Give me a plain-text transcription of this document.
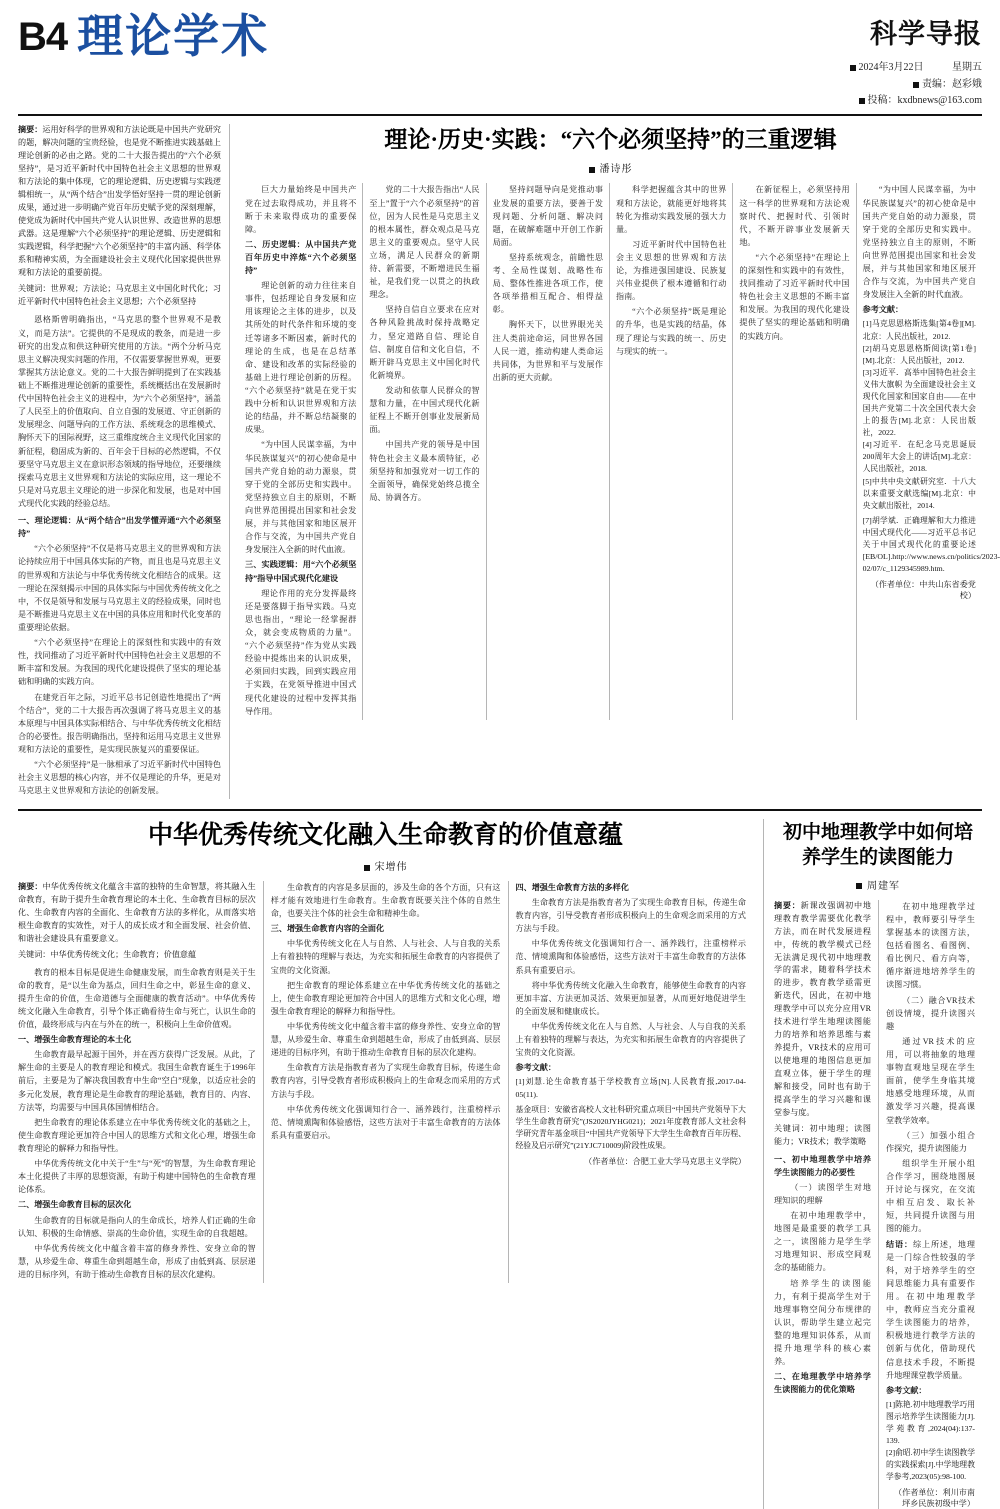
B4 理论学术	科学导报
2024年3月22日	星期五
责编：赵彩娥
投稿：kxdbnews@163.com
摘要：运用好科学的世界观和方法论既是中国共产党研究的题，解决问题的宝贵经验，也是党不断推进实践基础上理论创新的必由之路。党的二十大报告提出的“六个必须坚持”，是习近平新时代中国特色社会主义思想的世界观和方法论的集中体现，它的理论逻辑、历史逻辑与实践逻辑相统一，从“两个结合”出发学悟好坚持一贯的理论创新成果，通过进一步明确产党百年历史赋予党的深刻理解，使党成为新时代中国共产党人认识世界、改造世界的思想武器。这是理解“六个必须坚持”的理论逻辑、历史逻辑和实践逻辑，科学把握“六个必须坚持”的丰富内涵、科学体系和精神实质，为全面建设社会主义现代化国家提供世界观和方法论的重要前提。
关键词：世界观；方法论；马克思主义中国化时代化；习近平新时代中国特色社会主义思想；六个必须坚持

恩格斯曾明确指出，“马克思的整个世界观不是教义，而是方法”。它提供的不是现成的教条，而是进一步研究的出发点和供这种研究使用的方法。“两个分析马克思主义解决现实问题的作用，不仅需要掌握世界观，更要掌握其方法论意义。党的二十大报告鲜明提到了在实践基础上不断推进理论创新的重要性，系统概括出在发展新时代中国特色社会主义的进程中，为“六个必须坚持”，涵盖了人民至上的价值取向、自立自强的发展道、守正创新的发展理念、问题导向的工作方法、系统观念的思维模式、胸怀天下的国际视野，这三重维度统合主义现代化国家的新征程，稳固成为新的、百年会于目标的必然逻辑，不仅要坚守马克思主义在意识形态领域的指导地位，还要继续探索马克思主义世界观和方法论的实际应用，这一理论不只是对马克思主义理论的进一步深化和发展，也是对中国式现代化实践的经验总结。

一、理论逻辑：从“两个结合”出发学懂弄通“六个必须坚持”

“六个必须坚持”不仅是将马克思主义的世界观和方法论持续应用于中国具体实际的产物，而且也是马克思主义的世界观和方法论与中华优秀传统文化相结合的成果。这一理论在深刻揭示中国的具体实际与中国优秀传统文化之中，不仅是领导和发展与马克思主义的经验成果，同时也是不断推进马克思主义在中国的具体应用和时代化变革的重要理论依据。

“六个必须坚持”在理论上的深刻性和实践中的有效性，找同推动了习近平新时代中国特色社会主义思想的不断丰富和发展。为我国的现代化建设提供了坚实的理论基础和明确的实践方向。

在建党百年之际，习近平总书记创造性地提出了“两个结合”，党的二十大报告再次强调了将马克思主义的基本原理与中国具体实际相结合、与中华优秀传统文化相结合的必要性。报告明确指出，坚持和运用马克思主义世界观和方法论的重要性，是实现民族复兴的重要保证。

“六个必须坚持”是一脉相承了习近平新时代中国特色社会主义思想的核心内容，并不仅是理论的升华，更是对马克思主义世界观和方法论的创新发展。

理论·历史·实践：“六个必须坚持”的三重逻辑
潘诗彤

巨大力量始终是中国共产党在过去取得成功，并且将不断于未来取得成功的重要保障。

二、历史逻辑：从中国共产党百年历史中淬炼“六个必须坚持”

理论创新的动力往往来自事件，包括理论自身发展和应用该理论之主体的进步，以及其所处的时代条件和环境的变迁等诸多不断因素，新时代的理论的生成，也是在总结革命、建设和改革的实际经验的基础上进行理论创新的历程。“六个必须坚持”就是在党于实践中分析和认识世界观和方法论的结晶，并不断总结凝聚的成果。

“为中国人民谋幸福，为中华民族谋复兴”的初心使命是中国共产党自始的动力源泉，贯穿于党的全部历史和实践中。党坚持独立自主的原则，不断向世界范围提出国家和社会发展，并与其他国家和地区展开合作与交流，为中国共产党自身发展注入全新的时代血液。

三、实践逻辑：用“六个必须坚持”指导中国式现代化建设

理论作用的充分发挥最终还是要落脚于指导实践。马克思也指出，“理论一经掌握群众，就会变成物质的力量”。“六个必须坚持”作为党从实践经验中提炼出来的认识成果，必须回归实践，回到实践应用于实践，在党领导推进中国式现代化建设的过程中发挥其指导作用。

党的二十大报告指出“人民至上”置于“六个必须坚持”的首位，因为人民性是马克思主义的根本属性，群众观点是马克思主义的重要观点。坚守人民立场，满足人民群众的新期待、新需要，不断增进民生福祉，是我们党一以贯之的执政理念。

坚持自信自立要求在应对各种风险挑战时保持战略定力，坚定道路自信、理论自信、制度自信和文化自信，不断开辟马克思主义中国化时代化新境界。

发动和依靠人民群众的智慧和力量，在中国式现代化新征程上不断开创事业发展新局面。

中国共产党的领导是中国特色社会主义最本质特征，必须坚持和加强党对一切工作的全面领导，确保党始终总揽全局、协调各方。

坚持问题导向是党推动事业发展的重要方法，要善于发现问题、分析问题、解决问题，在破解难题中开创工作新局面。

坚持系统观念，前瞻性思考、全局性谋划、战略性布局、整体性推进各项工作，使各项举措相互配合、相得益彰。

胸怀天下，以世界眼光关注人类前途命运，同世界各国人民一道，推动构建人类命运共同体，为世界和平与发展作出新的更大贡献。

科学把握蕴含其中的世界观和方法论，就能更好地将其转化为推动实践发展的强大力量。

习近平新时代中国特色社会主义思想的世界观和方法论，为推进强国建设、民族复兴伟业提供了根本遵循和行动指南。

“六个必须坚持”既是理论的升华，也是实践的结晶，体现了理论与实践的统一、历史与现实的统一。

在新征程上，必须坚持用这一科学的世界观和方法论观察时代、把握时代、引领时代，不断开辟事业发展新天地。

“六个必须坚持”在理论上的深刻性和实践中的有效性，找同推动了习近平新时代中国特色社会主义思想的不断丰富和发展。为我国的现代化建设提供了坚实的理论基础和明确的实践方向。

“为中国人民谋幸福，为中华民族谋复兴”的初心使命是中国共产党自始的动力源泉，贯穿于党的全部历史和实践中。党坚持独立自主的原则，不断向世界范围提出国家和社会发展，并与其他国家和地区展开合作与交流，为中国共产党自身发展注入全新的时代血液。

参考文献：

[1]马克思恩格斯选集[第4卷][M].北京：人民出版社，2012.

[2]胡马克思恩格斯阅读[第1卷][M].北京：人民出版社，2012.

[3]习近平．高举中国特色社会主义伟大旗帜 为全面建设社会主义现代化国家和国家自由——在中国共产党第二十次全国代表大会上的报告[M].北京：人民出版社，2022.

[4]习近平．在纪念马克思诞辰200周年大会上的讲话[M].北京：人民出版社，2018.

[5]中共中央文献研究室．十八大以来重要文献选编[M].北京：中央文献出版社，2014.

[7]胡学斌．正确理解和大力推进中国式现代化——习近平总书记关于中国式现代化的重要论述[EB/OL].http://www.news.cn/politics/2023-02/07/c_1129345989.htm.

（作者单位：中共山东省委党校）
中华优秀传统文化融入生命教育的价值意蕴
宋增伟
摘要：中华优秀传统文化蕴含丰富的独特的生命智慧，将其融入生命教育，有助于提升生命教育理论的本土化、生命教育目标的层次化、生命教育内容的全面化、生命教育方法的多样化，从而落实培根生命教育的实效性，对于人的成长成才和全面发展、社会价值、和谐社会建设具有重要意义。
关键词：中华优秀传统文化；生命教育；价值意蕴

教育的根本目标是促进生命健康发展，而生命教育则是关于生命的教育，是“以生命为基点，回归生命之中，彰显生命的意义、提升生命的价值，生命道德与全面健康的教育活动”。中华优秀传统文化融入生命教育，引导个体正确看待生命与死亡，认识生命的价值，最终形成与内在与外在的统一，积极向上生命价值观。

一、增强生命教育理论的本土化

生命教育最早起源于国外，并在西方获得广泛发展。从此，了解生命的主要是人的教育理论和模式。我国生命教育诞生于1996年前后，主要是为了解决我国教育中生命“空白”现象，以适应社会的多元化发展，教育理论是生命教育的理论基础，教育目的、内容、方法等，均需要与中国具体国情相结合。

把生命教育的理论体系建立在中华优秀传统文化的基础之上，使生命教育理论更加符合中国人的思维方式和文化心理，增强生命教育理论的解释力和指导性。

中华优秀传统文化中关于“生”与“死”的智慧，为生命教育理论本土化提供了丰厚的思想资源，有助于构建中国特色的生命教育理论体系。

二、增强生命教育目标的层次化

生命教育的目标就是指向人的生命成长，培养人们正确的生命认知、积极的生命情感、崇高的生命价值，实现生命的自我超越。

中华优秀传统文化中蕴含着丰富的修身养性、安身立命的智慧，从珍爱生命、尊重生命到超越生命，形成了由低到高、层层递进的目标序列，有助于推动生命教育目标的层次化建构。

生命教育的内容是多层面的，涉及生命的各个方面，只有这样才能有效地进行生命教育。生命教育既要关注个体的自然生命，也要关注个体的社会生命和精神生命。

三、增强生命教育内容的全面化

中华优秀传统文化在人与自然、人与社会、人与自我的关系上有着独特的理解与表达，为充实和拓展生命教育的内容提供了宝贵的文化资源。

把生命教育的理论体系建立在中华优秀传统文化的基础之上，使生命教育理论更加符合中国人的思维方式和文化心理，增强生命教育理论的解释力和指导性。

中华优秀传统文化中蕴含着丰富的修身养性、安身立命的智慧，从珍爱生命、尊重生命到超越生命，形成了由低到高、层层递进的目标序列，有助于推动生命教育目标的层次化建构。

生命教育方法是指教育者为了实现生命教育目标，传递生命教育内容，引导受教育者形成积极向上的生命观念而采用的方式方法与手段。

中华优秀传统文化强调知行合一、涵养践行，注重榜样示范、情境熏陶和体验感悟，这些方法对于丰富生命教育的方法体系具有重要启示。

四、增强生命教育方法的多样化

生命教育方法是指教育者为了实现生命教育目标，传递生命教育内容，引导受教育者形成积极向上的生命观念而采用的方式方法与手段。

中华优秀传统文化强调知行合一、涵养践行，注重榜样示范、情境熏陶和体验感悟，这些方法对于丰富生命教育的方法体系具有重要启示。

将中华优秀传统文化融入生命教育，能够使生命教育的内容更加丰富、方法更加灵活、效果更加显著，从而更好地促进学生的全面发展和健康成长。

中华优秀传统文化在人与自然、人与社会、人与自我的关系上有着独特的理解与表达，为充实和拓展生命教育的内容提供了宝贵的文化资源。

参考文献：

[1]刘慧.论生命教育基于学校教育立场[N].人民教育报,2017-04-05(11).

基金项目：安徽省高校人文社科研究重点项目“中国共产党领导下大学生生命教育研究”(JS2020JYHG021)；2021年度教育部人文社会科学研究青年基金项目“中国共产党领导下大学生生命教育百年历程、经验及启示研究”(21YJC710009)阶段性成果。
（作者单位：合肥工业大学马克思主义学院）
初中地理教学中如何培养学生的读图能力
周建军
摘要：新课改强调初中地理教育教学需要优化教学方法，而在时代发展进程中，传统的教学模式已经无法满足现代初中地理教学的需求，随着科学技术的进步，教育教学亟需更新迭代，因此，在初中地理教学中可以充分应用VR技术进行学生地理读图能力的培养和培养思维与素养提升，VR技术的应用可以使地理的地图信息更加直观立体，便于学生的理解和接受，同时也有助于提高学生的学习兴趣和课堂参与度。
关键词：初中地理；读图能力；VR技术；教学策略

一、初中地理教学中培养学生读图能力的必要性

（一）读图学生对地理知识的理解

在初中地理教学中，地图是最重要的教学工具之一，读图能力是学生学习地理知识、形成空间观念的基础能力。

培养学生的读图能力，有利于提高学生对于地理事物空间分布规律的认识，帮助学生建立起完整的地理知识体系，从而提升地理学科的核心素养。

二、在地理教学中培养学生读图能力的优化策略

在初中地理教学过程中，教师要引导学生掌握基本的读图方法，包括看图名、看图例、看比例尺、看方向等，循序渐进地培养学生的读图习惯。

（二）融合VR技术创设情境，提升读图兴趣

通过VR技术的应用，可以将抽象的地理事物直观地呈现在学生面前，使学生身临其境地感受地理环境，从而激发学习兴趣，提高课堂教学效率。

（三）加强小组合作探究，提升读图能力

组织学生开展小组合作学习，围绕地图展开讨论与探究，在交流中相互启发、取长补短，共同提升读图与用图的能力。

结语：综上所述，地理是一门综合性较强的学科，对于培养学生的空间思维能力具有重要作用。在初中地理教学中，教师应当充分重视学生读图能力的培养，积极地进行教学方法的创新与优化，借助现代信息技术手段，不断提升地理课堂教学质量。

参考文献：

[1]陈艳.初中地理教学巧用图示培养学生读图能力[J].学苑教育,2024(04):137-139.

[2]俞昭.初中学生读图教学的实践探索[J].中学地理教学参考,2023(05):98-100.

（作者单位：利川市南坪乡民族初级中学）
